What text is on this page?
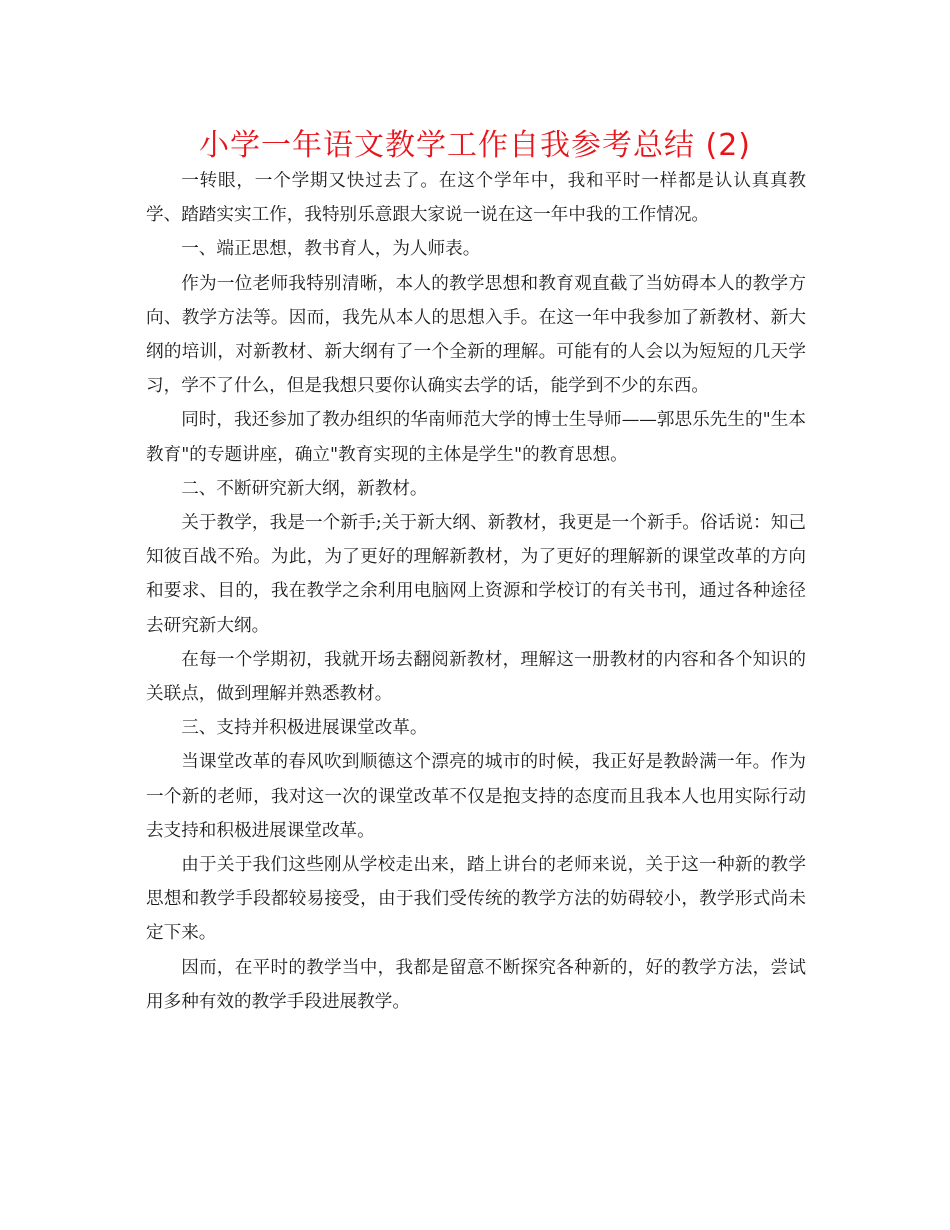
小学一年语文教学工作自我参考总结 (2)

一转眼，一个学期又快过去了。在这个学年中，我和平时一样都是认认真真教学、踏踏实实工作，我特别乐意跟大家说一说在这一年中我的工作情况。

一、端正思想，教书育人，为人师表。

作为一位老师我特别清晰，本人的教学思想和教育观直截了当妨碍本人的教学方向、教学方法等。因而，我先从本人的思想入手。在这一年中我参加了新教材、新大纲的培训，对新教材、新大纲有了一个全新的理解。可能有的人会以为短短的几天学习，学不了什么，但是我想只要你认确实去学的话，能学到不少的东西。

同时，我还参加了教办组织的华南师范大学的博士生导师——郭思乐先生的"生本教育"的专题讲座，确立"教育实现的主体是学生"的教育思想。

二、不断研究新大纲，新教材。

关于教学，我是一个新手;关于新大纲、新教材，我更是一个新手。俗话说：知己知彼百战不殆。为此，为了更好的理解新教材，为了更好的理解新的课堂改革的方向和要求、目的，我在教学之余利用电脑网上资源和学校订的有关书刊，通过各种途径去研究新大纲。

在每一个学期初，我就开场去翻阅新教材，理解这一册教材的内容和各个知识的关联点，做到理解并熟悉教材。

三、支持并积极进展课堂改革。

当课堂改革的春风吹到顺德这个漂亮的城市的时候，我正好是教龄满一年。作为一个新的老师，我对这一次的课堂改革不仅是抱支持的态度而且我本人也用实际行动去支持和积极进展课堂改革。

由于关于我们这些刚从学校走出来，踏上讲台的老师来说，关于这一种新的教学思想和教学手段都较易接受，由于我们受传统的教学方法的妨碍较小，教学形式尚未定下来。

因而，在平时的教学当中，我都是留意不断探究各种新的，好的教学方法，尝试用多种有效的教学手段进展教学。
